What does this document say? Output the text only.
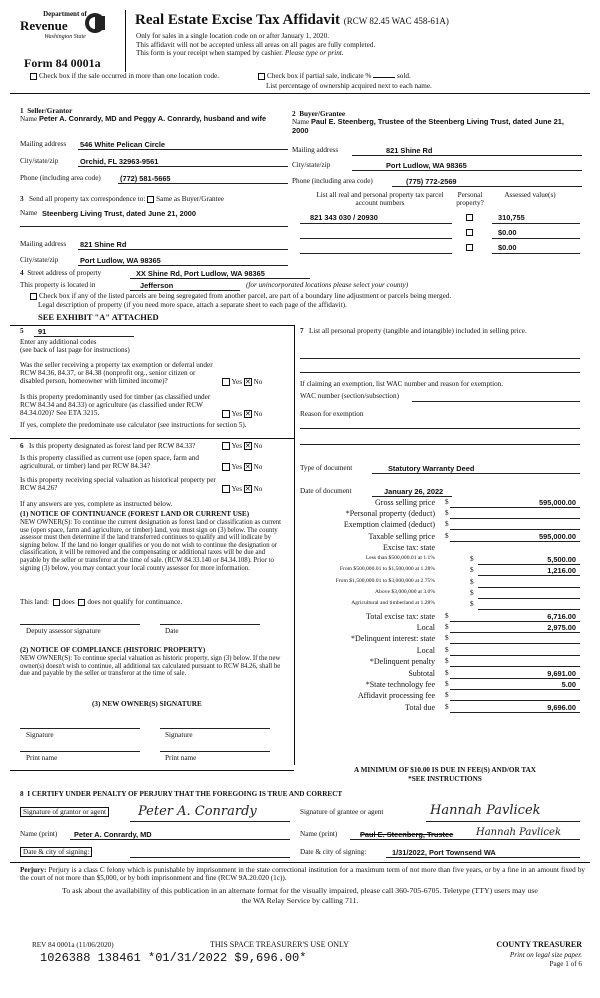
Department of
Revenue
Washington State
Form 84 0001a
Real Estate Excise Tax Affidavit (RCW 82.45 WAC 458-61A)
Only for sales in a single location code on or after January 1, 2020.
This affidavit will not be accepted unless all areas on all pages are fully completed.
This form is your receipt when stamped by cashier. Please type or print.
Check box if the sale occurred in more than one location code.	Check box if partial sale, indicate %	sold.
List percentage of ownership acquired next to each name.
1 Seller/Grantor
Name Peter A. Conrardy, MD and Peggy A. Conrardy, husband and wife
Mailing address 546 White Pelican Circle
City/state/zip	Orchid, FL 32963-9561
Phone (including area code)	(772) 581-5665
2 Buyer/Grantee
Name Paul E. Steenberg, Trustee of the Steenberg Living Trust, dated June 21, 2000
Mailing address	821 Shine Rd
City/state/zip	Port Ludlow, WA 98365
Phone (including area code)	(775) 772-2569
3 Send all property tax correspondence to: Same as Buyer/Grantee
Name Steenberg Living Trust, dated June 21, 2000
Mailing address 821 Shine Rd
City/state/zip	Port Ludlow, WA 98365
List all real and personal property tax parcel account numbers
Personal property?
Assessed value(s)
821 343 030 / 20930	310,755
$0.00
$0.00
4 Street address of property	XX Shine Rd, Port Ludlow, WA 98365
This property is located in	Jefferson	(for unincorporated locations please select your county)
Check box if any of the listed parcels are being segregated from another parcel, are part of a boundary line adjustment or parcels being merged.
Legal description of property (if you need more space, attach a separate sheet to each page of the affidavit).
SEE EXHIBIT "A" ATTACHED
5 91
Enter any additional codes
(see back of last page for instructions)
Was the seller receiving a property tax exemption or deferral under RCW 84.36, 84.37, or 84.38 (nonprofit org., senior citizen or disabled person, homeowner with limited income)?	Yes ✕ No
Is this property predominantly used for timber (as classified under RCW 84.34 and 84.33) or agriculture (as classified under RCW 84.34.020)? See ETA 3215.	Yes ✕ No
If yes, complete the predominate use calculator (see instructions for section 5).
6 Is this property designated as forest land per RCW 84.33?	Yes ✕ No
Is this property classified as current use (open space, farm and agricultural, or timber) land per RCW 84.34?	Yes ✕ No
Is this property receiving special valuation as historical property per RCW 84.26?	Yes ✕ No
If any answers are yes, complete as instructed below.
(1) NOTICE OF CONTINUANCE (FOREST LAND OR CURRENT USE)
NEW OWNER(S): To continue the current designation as forest land or classification as current use (open space, farm and agriculture, or timber) land, you must sign on (3) below. The county assessor must then determine if the land transferred continues to qualify and will indicate by signing below. If the land no longer qualifies or you do not wish to continue the designation or classification, it will be removed and the compensating or additional taxes will be due and payable by the seller or transferor at the time of sale. (RCW 84.33.140 or 84.34.108). Prior to signing (3) below, you may contact your local county assessor for more information.
This land: does does not qualify for continuance.
Deputy assessor signature	Date
(2) NOTICE OF COMPLIANCE (HISTORIC PROPERTY)
NEW OWNER(S): To continue special valuation as historic property, sign (3) below. If the new owner(s) doesn't wish to continue, all additional tax calculated pursuant to RCW 84.26, shall be due and payable by the seller or transferor at the time of sale.
(3) NEW OWNER(S) SIGNATURE
Signature	Signature
Print name	Print name
7 List all personal property (tangible and intangible) included in selling price.
If claiming an exemption, list WAC number and reason for exemption.
WAC number (section/subsection)
Reason for exemption
Type of document	Statutory Warranty Deed
Date of document	January 26, 2022
Gross selling price $	595,000.00
*Personal property (deduct) $
Exemption claimed (deduct) $
Taxable selling price $	595,000.00
Excise tax: state
Less than $500,000.01 at 1.1%	$	5,500.00
From $500,000.01 to $1,500,000 at 1.28%	$	1,216.00
From $1,500,000.01 to $3,000,000 at 2.75%	$
Above $3,000,000 at 3.0%	$
Agricultural and timberland at 1.28%	$
Total excise tax: state $	6,716.00
Local $	2,975.00
*Delinquent interest: state $
Local $
*Delinquent penalty $
Subtotal $	9,691.00
*State technology fee $	5.00
Affidavit processing fee $
Total due $	9,696.00
A MINIMUM OF $10.00 IS DUE IN FEE(S) AND/OR TAX
*SEE INSTRUCTIONS
8 I CERTIFY UNDER PENALTY OF PERJURY THAT THE FOREGOING IS TRUE AND CORRECT
Signature of grantor or agent Peter A. Conrardy	Signature of grantee or agent	Hannah Pavlicek
Name (print) Peter A. Conrardy, MD	Name (print)	Paul E. Steenberg, Trustee Hannah Pavlicek
Date & city of signing:	Date & city of signing:	1/31/2022, Port Townsend WA
Perjury: Perjury is a class C felony which is punishable by imprisonment in the state correctional institution for a maximum term of not more than five years, or by a fine in an amount fixed by the court of not more than $5,000, or by both imprisonment and fine (RCW 9A.20.020 (1c)).
To ask about the availability of this publication in an alternate format for the visually impaired, please call 360-705-6705. Teletype (TTY) users may use the WA Relay Service by calling 711.
REV 84 0001a (11/06/2020)	THIS SPACE TREASURER'S USE ONLY	COUNTY TREASURER
Print on legal size paper.
Page 1 of 6
1026388 138461 *01/31/2022 $9,696.00*
